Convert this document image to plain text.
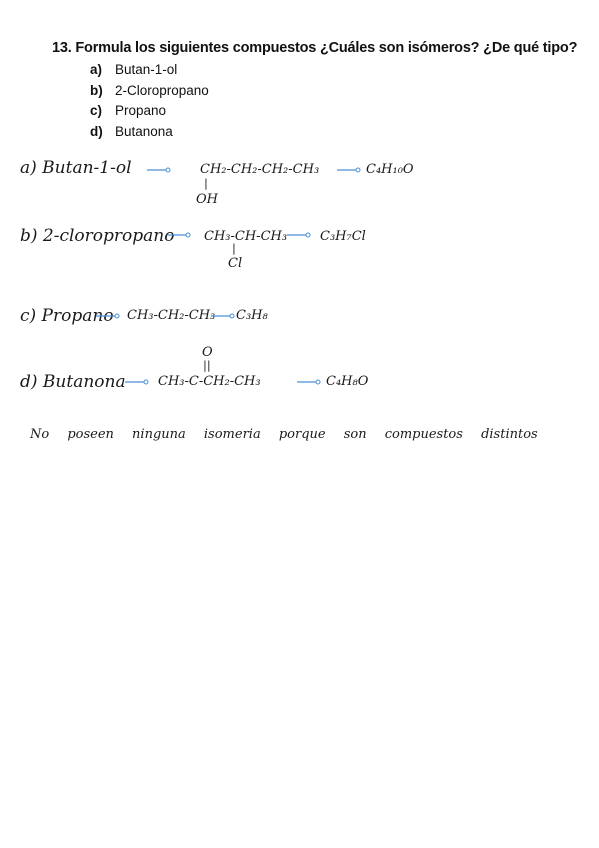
13. Formula los siguientes compuestos ¿Cuáles son isómeros? ¿De qué tipo?
a) Butan-1-ol
b) 2-Cloropropano
c) Propano
d) Butanona
a) Butan-1-ol	CH₂-CH₂-CH₂-CH₃
|
OH
C₄H₁₀O
b) 2-cloropropano CH₃-CH-CH₃
|
Cl
C₃H₇Cl
c) Propano CH₃-CH₂-CH₃ C₃H₈
O
||
d) Butanona CH₃-C-CH₂-CH₃	C₄H₈O
No poseen ninguna isomeria porque son compuestos distintos
